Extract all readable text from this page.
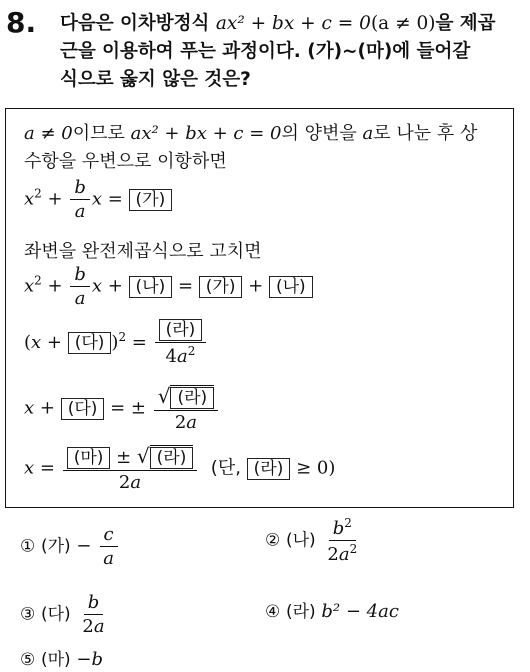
8. 다음은 이차방정식 ax² + bx + c = 0(a ≠ 0)을 제곱
근을 이용하여 푸는 과정이다. (가)~(마)에 들어갈
식으로 옳지 않은 것은?
a ≠ 0이므로 ax² + bx + c = 0의 양변을 a로 나눈 후 상
수항을 우변으로 이항하면
$x^2 + \frac{b}{a}$ x = (가)
좌변을 완전제곱식으로 고치면
$x^2 + \frac{b}{a}$ x + (나) = (가) + (나)
(x + (다) )$^2 = \frac{\text{(라)}}{4a^2}$
x + (다) = ± $\frac{\text{√ (라)}}{2a}$
$x = \frac{\text{(마) ± √ (라)}}{2a}$ (단, (라) ≥ 0)
① (가) − $\frac{c}{a}$	② (나) $\frac{b^2}{2a^2}$
③ (다) $\frac{b}{2a}$	④ (라) b² − 4ac
⑤ (마) −b
